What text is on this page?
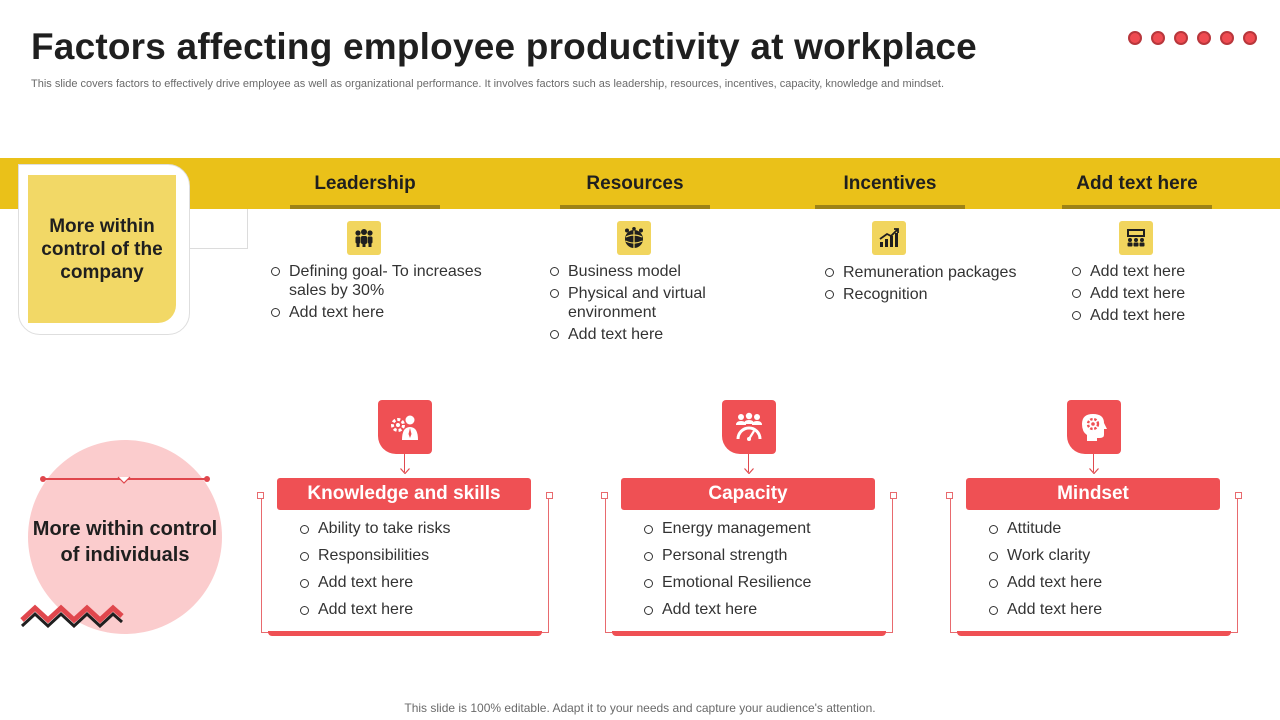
Factors affecting employee productivity at workplace
This slide covers factors to effectively drive employee as well as organizational performance. It involves factors such as leadership, resources, incentives, capacity, knowledge and mindset.
More within control of the company
Leadership
Defining goal- To increases sales by 30%
Add text here
Resources
Business model
Physical and virtual environment
Add text here
Incentives
Remuneration packages
Recognition
Add text here
Add text here
Add text here
Add text here
More within control of individuals
Knowledge and skills
Ability to take risks
Responsibilities
Add text here
Add text here
Capacity
Energy management
Personal strength
Emotional Resilience
Add text here
Mindset
Attitude
Work clarity
Add text here
Add text here
This slide is 100% editable. Adapt it to your needs and capture your audience's attention.
